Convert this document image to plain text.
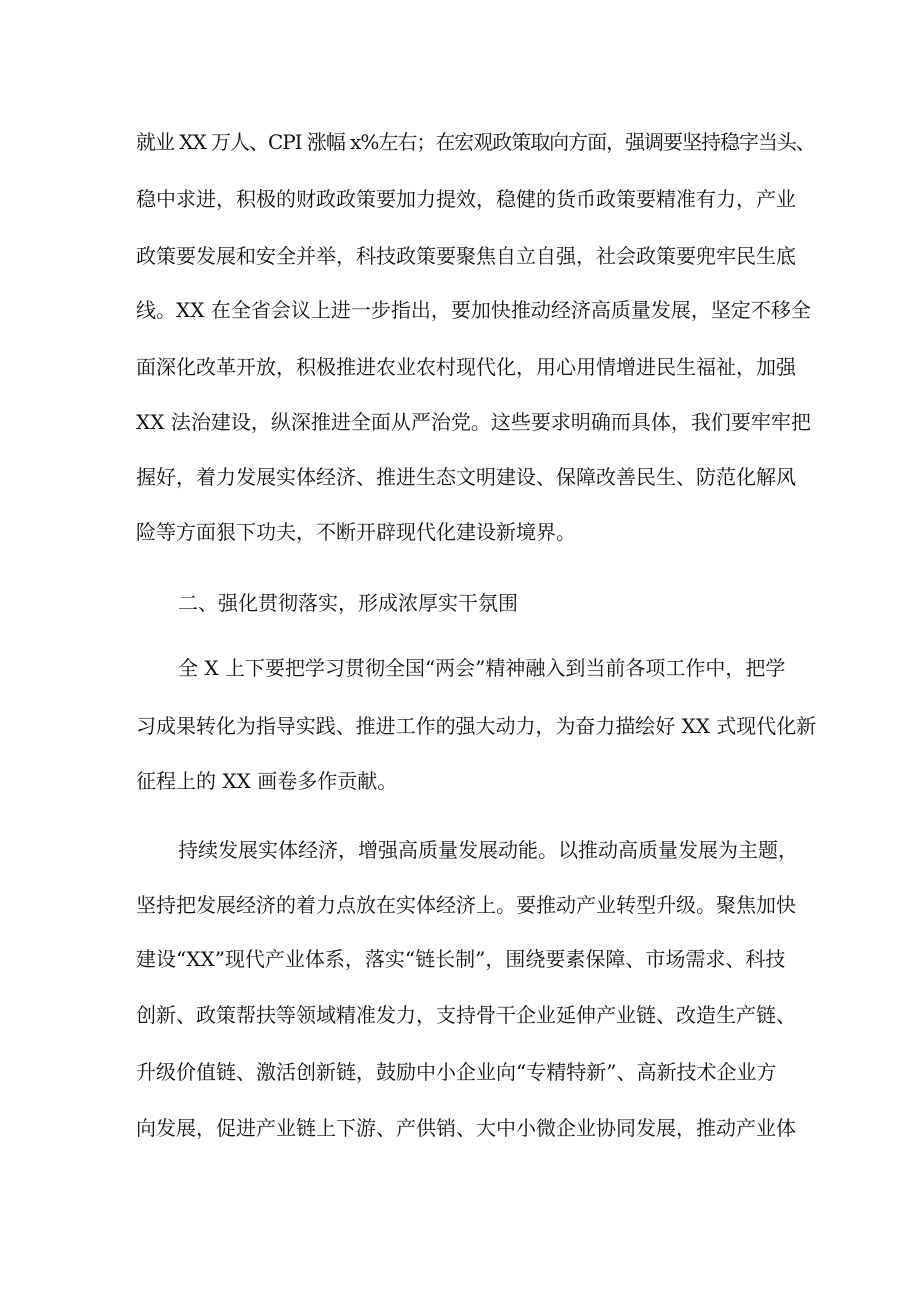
就业 XX 万人、CPI 涨幅 x%左右；在宏观政策取向方面，强调要坚持稳字当头、
稳中求进，积极的财政政策要加力提效，稳健的货币政策要精准有力，产业
政策要发展和安全并举，科技政策要聚焦自立自强，社会政策要兜牢民生底
线。XX 在全省会议上进一步指出，要加快推动经济高质量发展，坚定不移全
面深化改革开放，积极推进农业农村现代化，用心用情增进民生福祉，加强
XX 法治建设，纵深推进全面从严治党。这些要求明确而具体，我们要牢牢把
握好，着力发展实体经济、推进生态文明建设、保障改善民生、防范化解风
险等方面狠下功夫，不断开辟现代化建设新境界。
二、强化贯彻落实，形成浓厚实干氛围
全 X 上下要把学习贯彻全国“两会”精神融入到当前各项工作中，把学
习成果转化为指导实践、推进工作的强大动力，为奋力描绘好 XX 式现代化新
征程上的 XX 画卷多作贡献。
持续发展实体经济，增强高质量发展动能。以推动高质量发展为主题，
坚持把发展经济的着力点放在实体经济上。要推动产业转型升级。聚焦加快
建设“XX”现代产业体系，落实“链长制”，围绕要素保障、市场需求、科技
创新、政策帮扶等领域精准发力，支持骨干企业延伸产业链、改造生产链、
升级价值链、激活创新链，鼓励中小企业向“专精特新”、高新技术企业方
向发展，促进产业链上下游、产供销、大中小微企业协同发展，推动产业体
